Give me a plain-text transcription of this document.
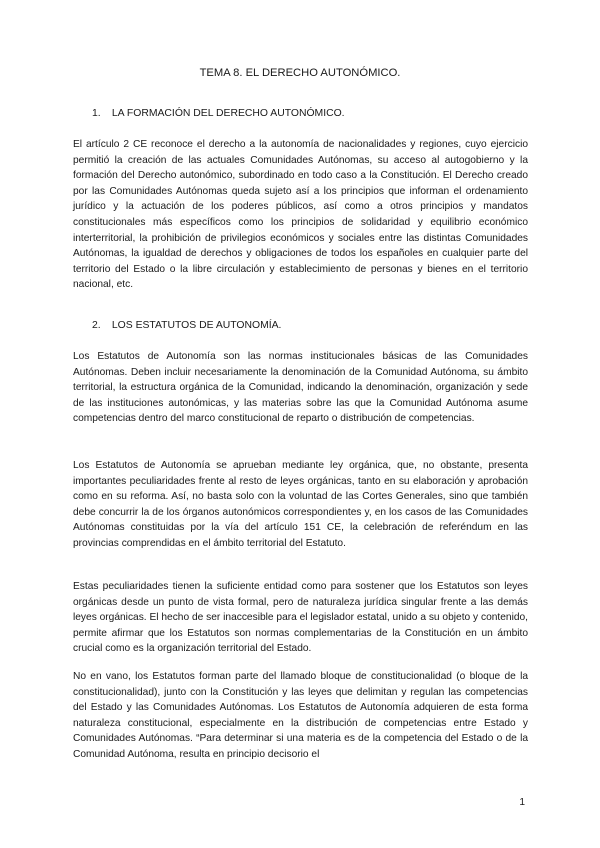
TEMA 8. EL DERECHO AUTONÓMICO.
1. LA FORMACIÓN DEL DERECHO AUTONÓMICO.

El artículo 2 CE reconoce el derecho a la autonomía de nacionalidades y regiones, cuyo ejercicio permitió la creación de las actuales Comunidades Autónomas, su acceso al autogobierno y la formación del Derecho autonómico, subordinado en todo caso a la Constitución. El Derecho creado por las Comunidades Autónomas queda sujeto así a los principios que informan el ordenamiento jurídico y la actuación de los poderes públicos, así como a otros principios y mandatos constitucionales más específicos como los principios de solidaridad y equilibrio económico interterritorial, la prohibición de privilegios económicos y sociales entre las distintas Comunidades Autónomas, la igualdad de derechos y obligaciones de todos los españoles en cualquier parte del territorio del Estado o la libre circulación y establecimiento de personas y bienes en el territorio nacional, etc.

2. LOS ESTATUTOS DE AUTONOMÍA.

Los Estatutos de Autonomía son las normas institucionales básicas de las Comunidades Autónomas. Deben incluir necesariamente la denominación de la Comunidad Autónoma, su ámbito territorial, la estructura orgánica de la Comunidad, indicando la denominación, organización y sede de las instituciones autonómicas, y las materias sobre las que la Comunidad Autónoma asume competencias dentro del marco constitucional de reparto o distribución de competencias.

Los Estatutos de Autonomía se aprueban mediante ley orgánica, que, no obstante, presenta importantes peculiaridades frente al resto de leyes orgánicas, tanto en su elaboración y aprobación como en su reforma. Así, no basta solo con la voluntad de las Cortes Generales, sino que también debe concurrir la de los órganos autonómicos correspondientes y, en los casos de las Comunidades Autónomas constituidas por la vía del artículo 151 CE, la celebración de referéndum en las provincias comprendidas en el ámbito territorial del Estatuto.

Estas peculiaridades tienen la suficiente entidad como para sostener que los Estatutos son leyes orgánicas desde un punto de vista formal, pero de naturaleza jurídica singular frente a las demás leyes orgánicas. El hecho de ser inaccesible para el legislador estatal, unido a su objeto y contenido, permite afirmar que los Estatutos son normas complementarias de la Constitución en un ámbito crucial como es la organización territorial del Estado.

No en vano, los Estatutos forman parte del llamado bloque de constitucionalidad (o bloque de la constitucionalidad), junto con la Constitución y las leyes que delimitan y regulan las competencias del Estado y las Comunidades Autónomas. Los Estatutos de Autonomía adquieren de esta forma naturaleza constitucional, especialmente en la distribución de competencias entre Estado y Comunidades Autónomas. “Para determinar si una materia es de la competencia del Estado o de la Comunidad Autónoma, resulta en principio decisorio el

1
